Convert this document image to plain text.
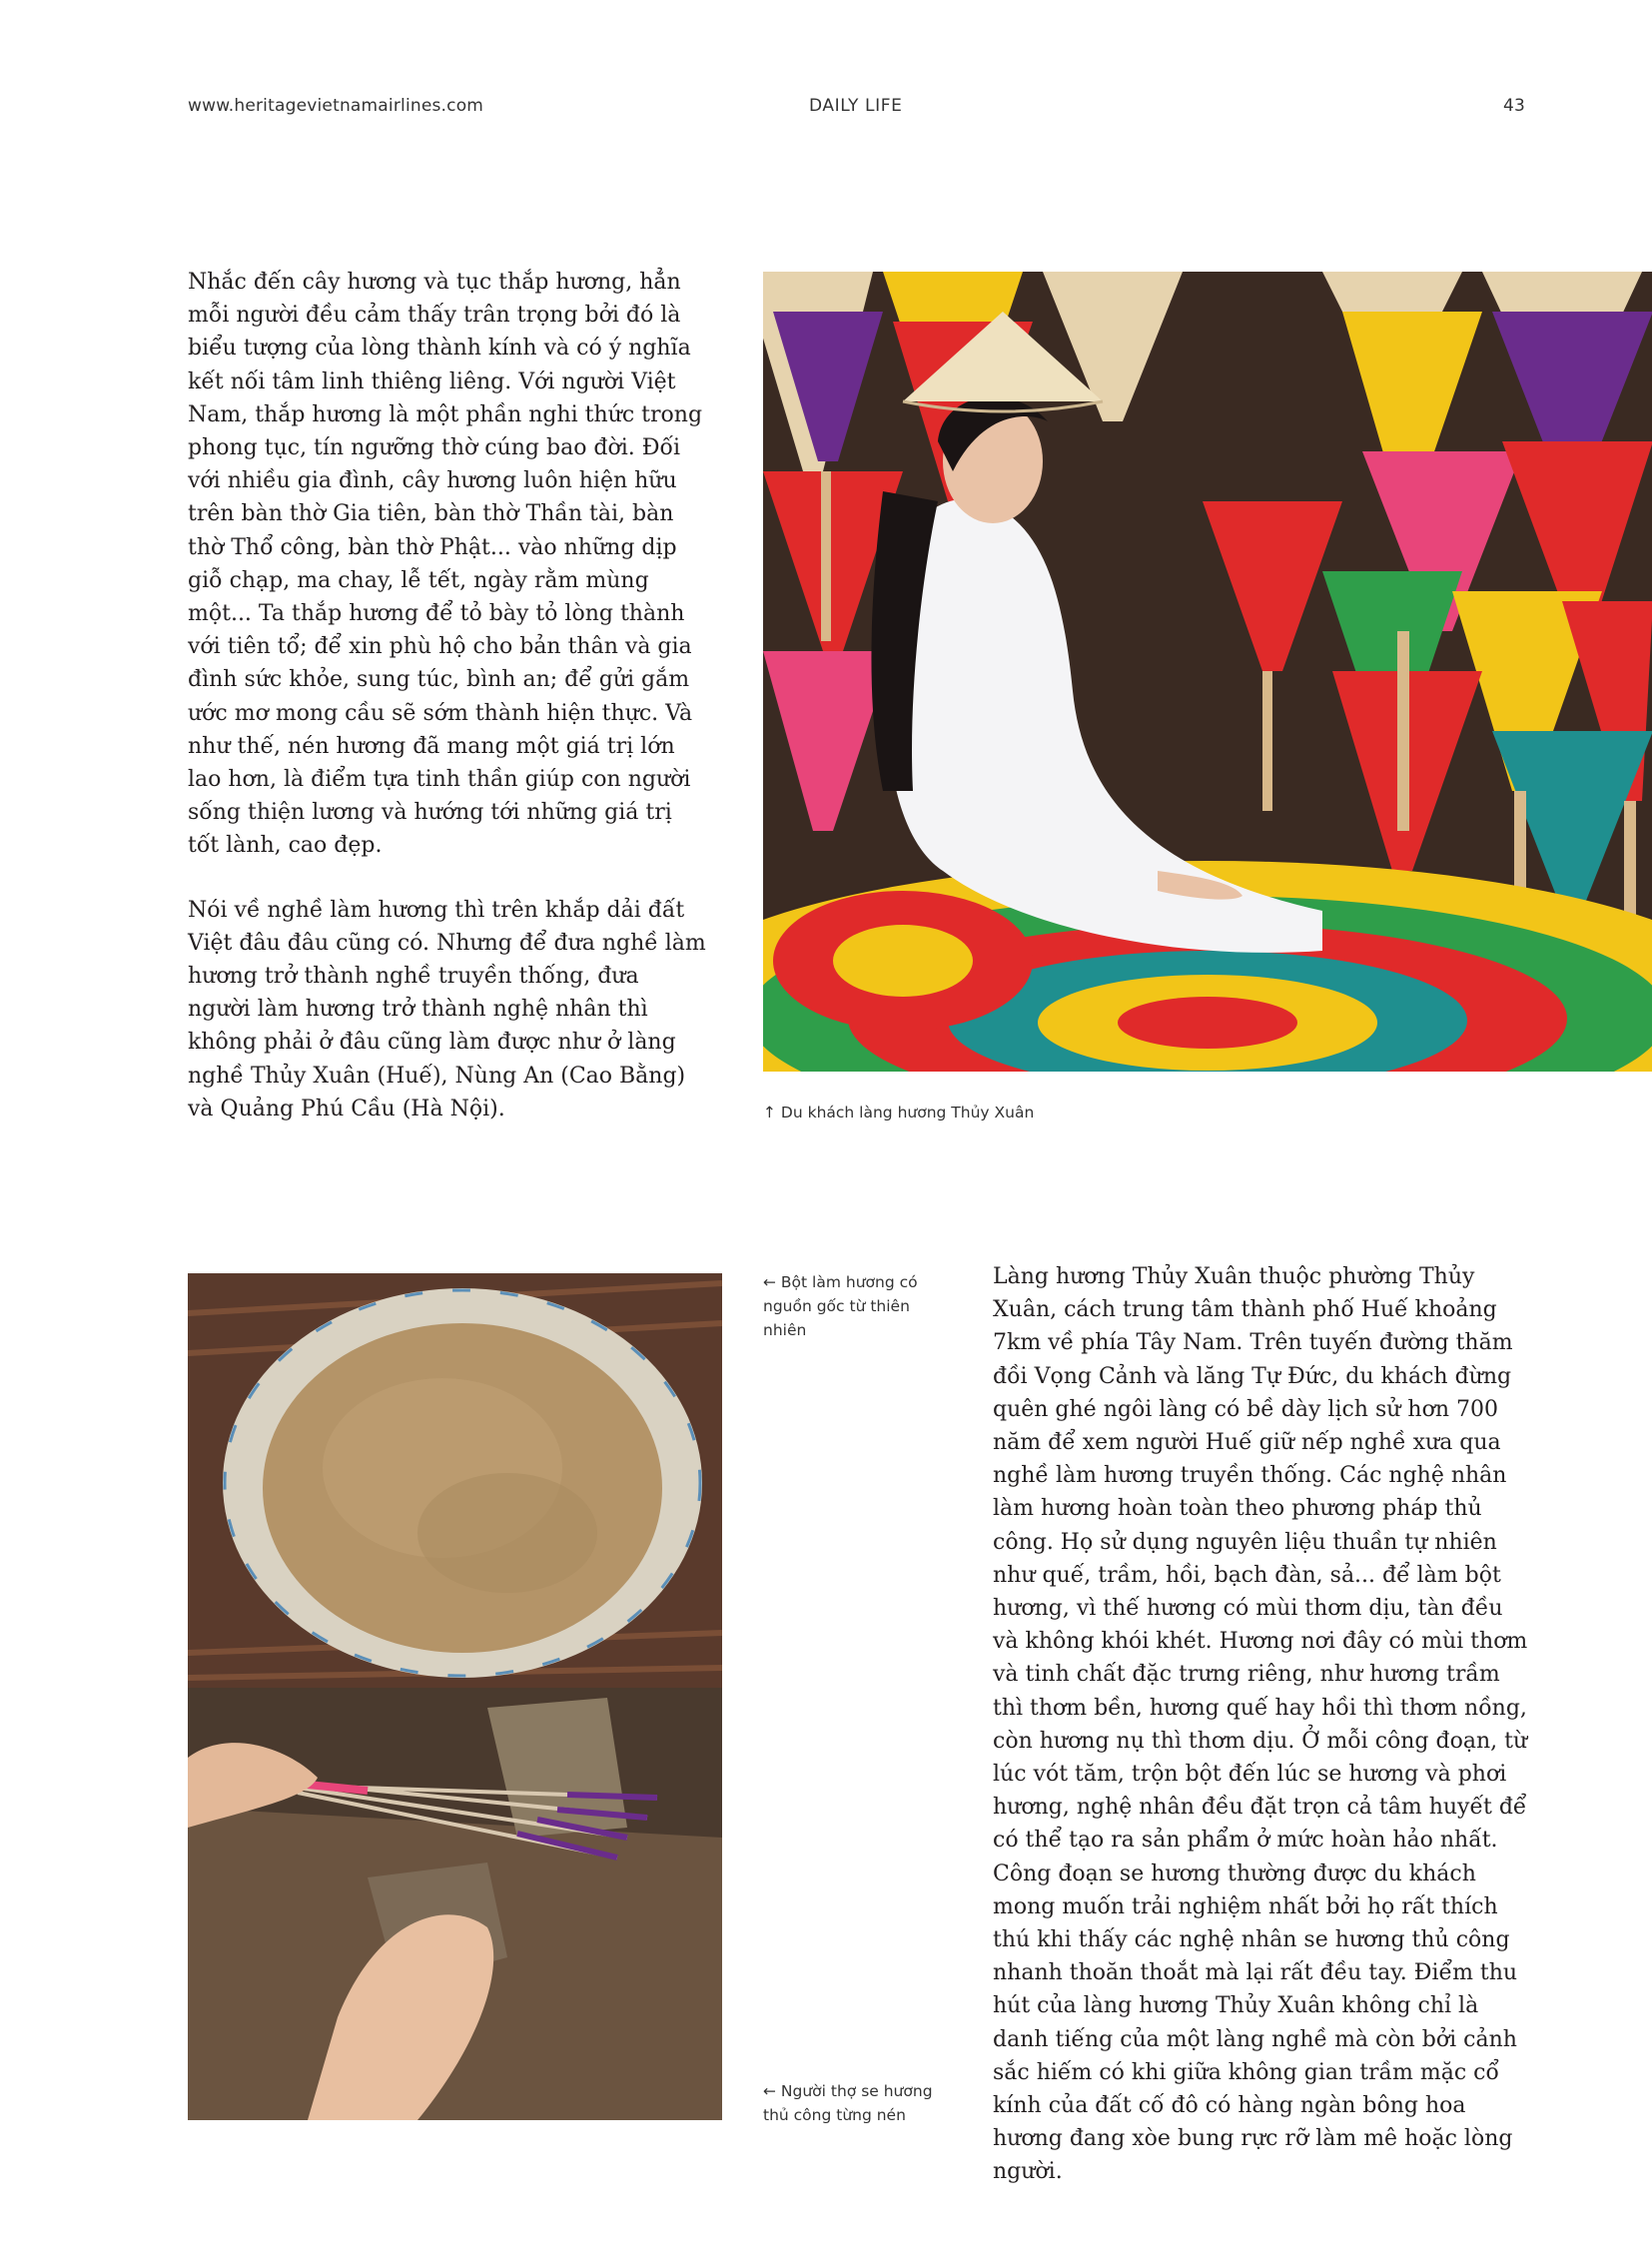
www.heritagevietnamairlines.com	DAILY LIFE	43

Nhắc đến cây hương và tục thắp hương, hẳn mỗi người đều cảm thấy trân trọng bởi đó là biểu tượng của lòng thành kính và có ý nghĩa kết nối tâm linh thiêng liêng. Với người Việt Nam, thắp hương là một phần nghi thức trong phong tục, tín ngưỡng thờ cúng bao đời. Đối với nhiều gia đình, cây hương luôn hiện hữu trên bàn thờ Gia tiên, bàn thờ Thần tài, bàn thờ Thổ công, bàn thờ Phật... vào những dịp giỗ chạp, ma chay, lễ tết, ngày rằm mùng một... Ta thắp hương để tỏ bày tỏ lòng thành với tiên tổ; để xin phù hộ cho bản thân và gia đình sức khỏe, sung túc, bình an; để gửi gắm ước mơ mong cầu sẽ sớm thành hiện thực. Và như thế, nén hương đã mang một giá trị lớn lao hơn, là điểm tựa tinh thần giúp con người sống thiện lương và hướng tới những giá trị tốt lành, cao đẹp.

Nói về nghề làm hương thì trên khắp dải đất Việt đâu đâu cũng có. Nhưng để đưa nghề làm hương trở thành nghề truyền thống, đưa người làm hương trở thành nghệ nhân thì không phải ở đâu cũng làm được như ở làng nghề Thủy Xuân (Huế), Nùng An (Cao Bằng) và Quảng Phú Cầu (Hà Nội).	↑ Du khách làng hương Thủy Xuân
← Bột làm hương có nguồn gốc từ thiên nhiên
← Người thợ se hương thủ công từng nén

Làng hương Thủy Xuân thuộc phường Thủy Xuân, cách trung tâm thành phố Huế khoảng 7km về phía Tây Nam. Trên tuyến đường thăm đồi Vọng Cảnh và lăng Tự Đức, du khách đừng quên ghé ngôi làng có bề dày lịch sử hơn 700 năm để xem người Huế giữ nếp nghề xưa qua nghề làm hương truyền thống. Các nghệ nhân làm hương hoàn toàn theo phương pháp thủ công. Họ sử dụng nguyên liệu thuần tự nhiên như quế, trầm, hồi, bạch đàn, sả... để làm bột hương, vì thế hương có mùi thơm dịu, tàn đều và không khói khét. Hương nơi đây có mùi thơm và tinh chất đặc trưng riêng, như hương trầm thì thơm bền, hương quế hay hồi thì thơm nồng, còn hương nụ thì thơm dịu. Ở mỗi công đoạn, từ lúc vót tăm, trộn bột đến lúc se hương và phơi hương, nghệ nhân đều đặt trọn cả tâm huyết để có thể tạo ra sản phẩm ở mức hoàn hảo nhất. Công đoạn se hương thường được du khách mong muốn trải nghiệm nhất bởi họ rất thích thú khi thấy các nghệ nhân se hương thủ công nhanh thoăn thoắt mà lại rất đều tay. Điểm thu hút của làng hương Thủy Xuân không chỉ là danh tiếng của một làng nghề mà còn bởi cảnh sắc hiếm có khi giữa không gian trầm mặc cổ kính của đất cố đô có hàng ngàn bông hoa hương đang xòe bung rực rỡ làm mê hoặc lòng người.
